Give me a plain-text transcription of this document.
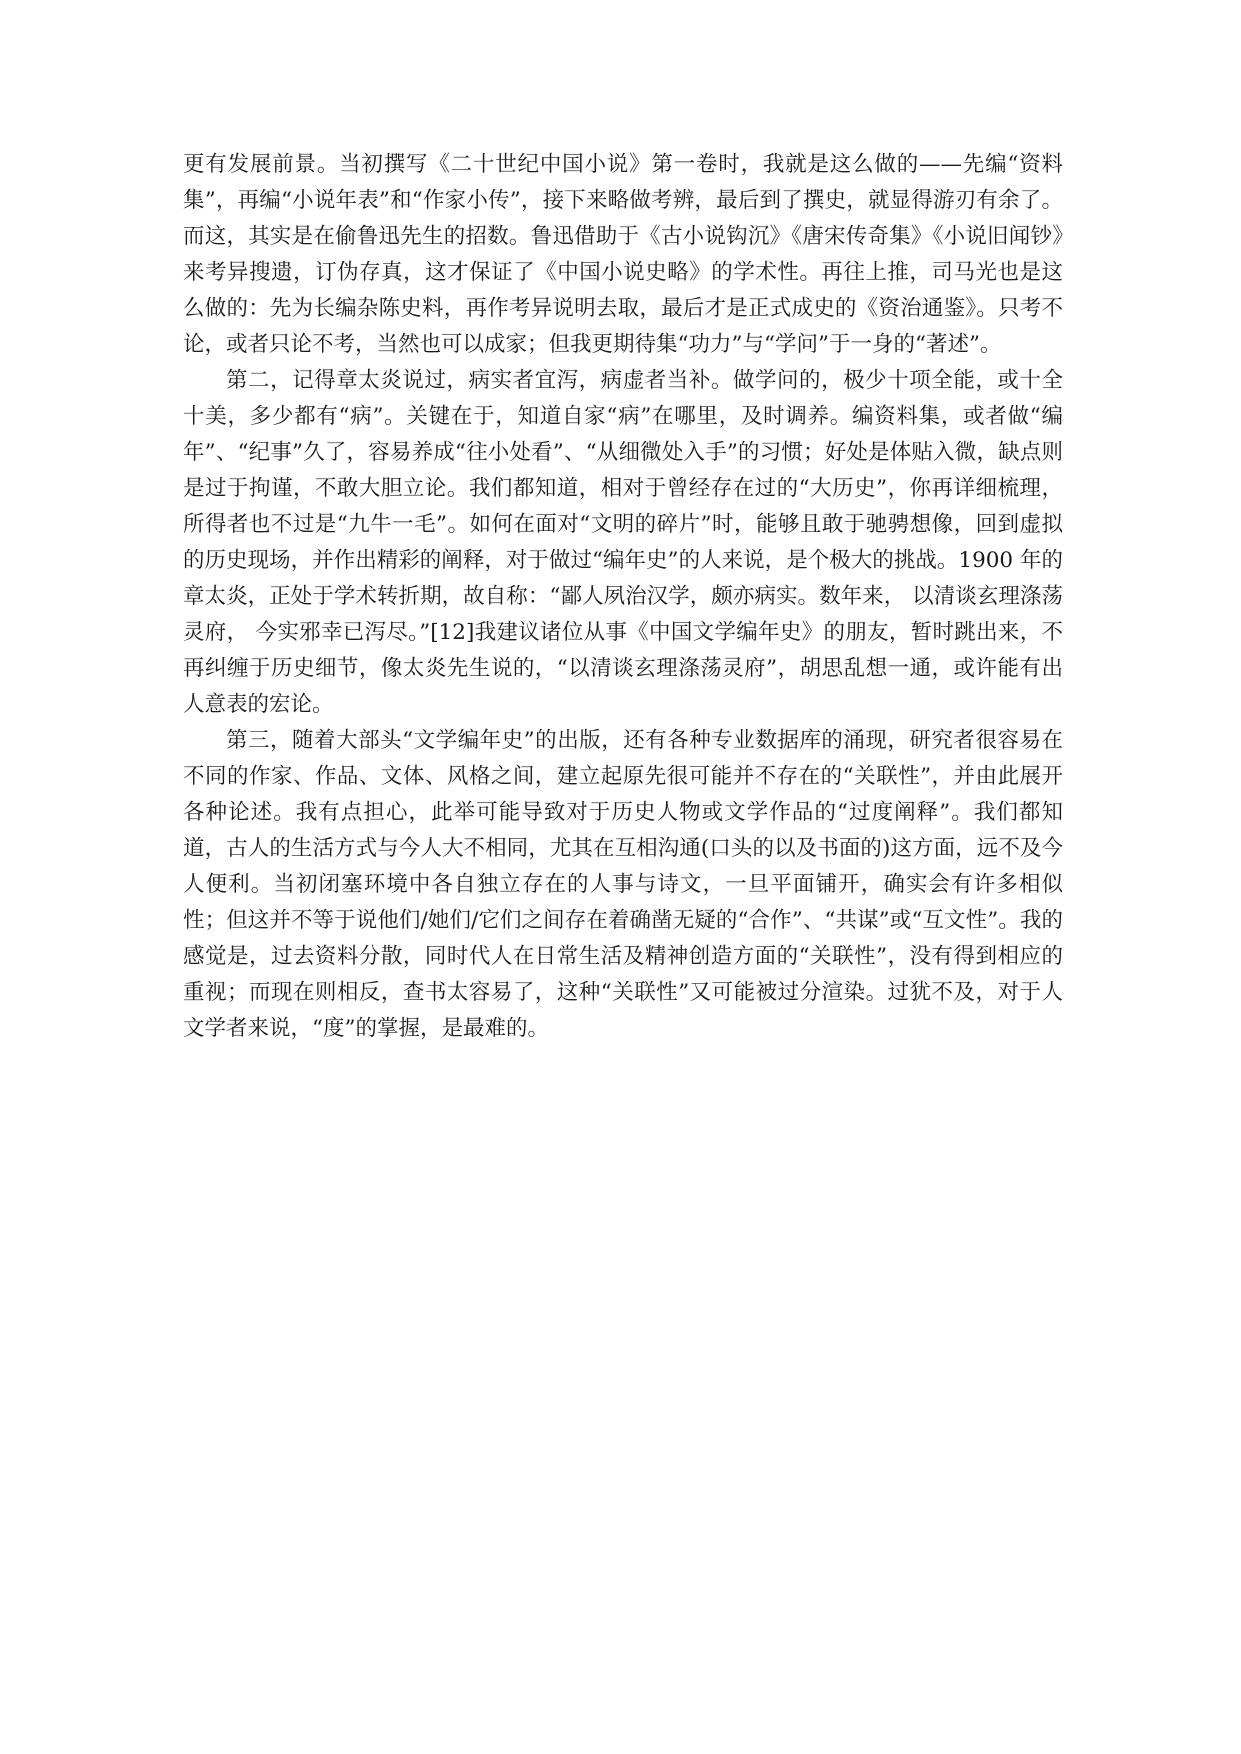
更有发展前景。当初撰写《二十世纪中国小说》第一卷时，我就是这么做的——先编“资料集”，再编“小说年表”和“作家小传”，接下来略做考辨，最后到了撰史，就显得游刃有余了。而这，其实是在偷鲁迅先生的招数。鲁迅借助于《古小说钩沉》《唐宋传奇集》《小说旧闻钞》来考异搜遗，订伪存真，这才保证了《中国小说史略》的学术性。再往上推，司马光也是这么做的：先为长编杂陈史料，再作考异说明去取，最后才是正式成史的《资治通鉴》。只考不论，或者只论不考，当然也可以成家；但我更期待集“功力”与“学问”于一身的“著述”。

第二，记得章太炎说过，病实者宜泻，病虚者当补。做学问的，极少十项全能，或十全十美，多少都有“病”。关键在于，知道自家“病”在哪里，及时调养。编资料集，或者做“编年”、“纪事”久了，容易养成“往小处看”、“从细微处入手”的习惯；好处是体贴入微，缺点则是过于拘谨，不敢大胆立论。我们都知道，相对于曾经存在过的“大历史”，你再详细梳理，所得者也不过是“九牛一毛”。如何在面对“文明的碎片”时，能够且敢于驰骋想像，回到虚拟的历史现场，并作出精彩的阐释，对于做过“编年史”的人来说，是个极大的挑战。1900 年的章太炎，正处于学术转折期，故自称：“鄙人夙治汉学，颇亦病实。数年来， 以清谈玄理涤荡灵府， 今实邪幸已泻尽。”[12]我建议诸位从事《中国文学编年史》的朋友，暂时跳出来，不再纠缠于历史细节，像太炎先生说的，“以清谈玄理涤荡灵府”，胡思乱想一通，或许能有出人意表的宏论。

第三，随着大部头“文学编年史”的出版，还有各种专业数据库的涌现，研究者很容易在不同的作家、作品、文体、风格之间，建立起原先很可能并不存在的“关联性”，并由此展开各种论述。我有点担心，此举可能导致对于历史人物或文学作品的“过度阐释”。我们都知道，古人的生活方式与今人大不相同，尤其在互相沟通(口头的以及书面的)这方面，远不及今人便利。当初闭塞环境中各自独立存在的人事与诗文，一旦平面铺开，确实会有许多相似性；但这并不等于说他们/她们/它们之间存在着确凿无疑的“合作”、“共谋”或“互文性”。我的感觉是，过去资料分散，同时代人在日常生活及精神创造方面的“关联性”，没有得到相应的重视；而现在则相反，查书太容易了，这种“关联性”又可能被过分渲染。过犹不及，对于人文学者来说，“度”的掌握，是最难的。
